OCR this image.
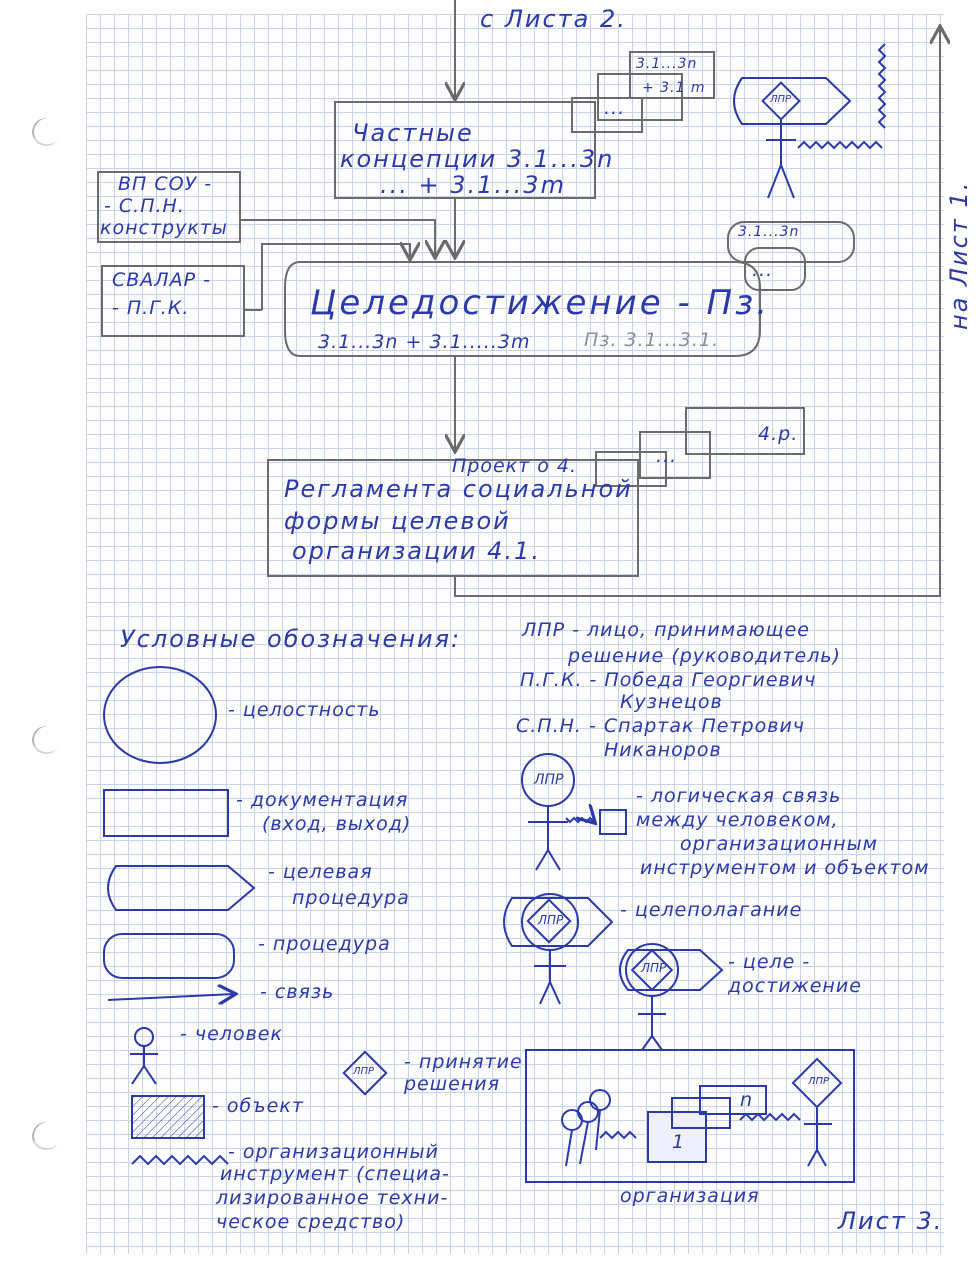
с Листа 2.
на Лист 1.
Частные
концепции 3.1...3n
... + 3.1...3m
3.1...3n
+ 3.1 m
...
ВП СОУ -
- С.П.Н.
конструкты
СВАЛАР -
- П.Г.К.	Целедостижение - Пз.
3.1...3n + 3.1.....3m	Пз. 3.1...3.1.
3.1...3n
...
Проект о 4.
Регламента социальной
формы целевой
организации 4.1.
4.р.
...
ЛПР
Условные обозначения:	ЛПР - лицо, принимающее
решение (руководитель)
П.Г.К. - Победа Георгиевич
Кузнецов
С.П.Н. - Спартак Петрович
Никаноров
- целостность
- документация
(вход, выход)
- целевая
процедура
- процедура
- связь
- человек
- объект
- организационный
инструмент (специа-
лизированное техни-
ческое средство)
ЛПР - принятие
решения
ЛПР
- логическая связь
между человеком,
организационным
инструментом и объектом
ЛПР	- целеполагание
ЛПР	- целе -
достижение
ЛПР
1
n
организация
Лист 3.
